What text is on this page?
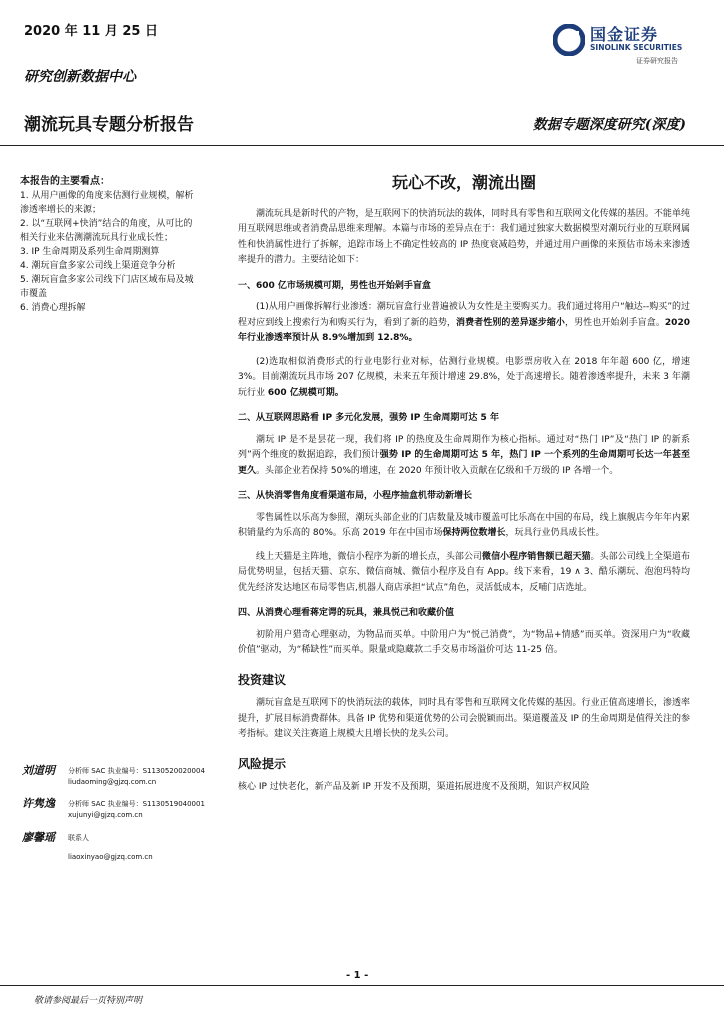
2020 年 11 月 25 日	国金证券
SINOLINK SECURITIES
证券研究报告
研究创新数据中心
潮流玩具专题分析报告	数据专题深度研究(深度)
本报告的主要看点：
1. 从用户画像的角度来估测行业规模，解析渗透率增长的来源；
2. 以“互联网+快消”结合的角度，从可比的相关行业来估测潮流玩具行业成长性；
3. IP 生命周期及系列生命周期测算
4. 潮玩盲盒多家公司线上渠道竞争分析
5. 潮玩盲盒多家公司线下门店区域布局及城市覆盖
6. 消费心理拆解
刘道明 分析师 SAC 执业编号：S1130520020004
liudaoming@gjzq.com.cn
许隽逸 分析师 SAC 执业编号：S1130519040001
xujunyi@gjzq.com.cn
廖馨瑶 联系人
liaoxinyao@gjzq.com.cn
玩心不改，潮流出圈

潮流玩具是新时代的产物，是互联网下的快消玩法的载体，同时具有零售和互联网文化传媒的基因。不能单纯用互联网思维或者消费品思维来理解。本篇与市场的差异点在于：我们通过独家大数据模型对潮玩行业的互联网属性和快消属性进行了拆解，追踪市场上不确定性较高的 IP 热度衰减趋势，并通过用户画像的来预估市场未来渗透率提升的潜力。主要结论如下：

一、600 亿市场规模可期，男性也开始剁手盲盒

(1)从用户画像拆解行业渗透：潮玩盲盒行业普遍被认为女性是主要购买力。我们通过将用户“触达--购买”的过程对应到线上搜索行为和购买行为，看到了新的趋势，消费者性别的差异逐步缩小，男性也开始剁手盲盒。2020 年行业渗透率预计从 8.9%增加到 12.8%。

(2)选取相似消费形式的行业电影行业对标，估测行业规模。电影票房收入在 2018 年年超 600 亿，增速 3%。目前潮流玩具市场 207 亿规模，未来五年预计增速 29.8%，处于高速增长。随着渗透率提升，未来 3 年潮玩行业 600 亿规模可期。

二、从互联网思路看 IP 多元化发展，强势 IP 生命周期可达 5 年

潮玩 IP 是不是昙花一现，我们将 IP 的热度及生命周期作为核心指标。通过对“热门 IP”及“热门 IP 的新系列”两个维度的数据追踪，我们预计强势 IP 的生命周期可达 5 年，热门 IP 一个系列的生命周期可长达一年甚至更久。头部企业若保持 50%的增速，在 2020 年预计收入贡献在亿级和千万级的 IP 各增一个。

三、从快消零售角度看渠道布局，小程序抽盒机带动新增长

零售属性以乐高为参照，潮玩头部企业的门店数量及城市覆盖可比乐高在中国的布局，线上旗舰店今年年内累积销量约为乐高的 80%。乐高 2019 年在中国市场保持两位数增长，玩具行业仍具成长性。

线上天猫是主阵地，微信小程序为新的增长点，头部公司微信小程序销售额已超天猫。头部公司线上全渠道布局优势明显，包括天猫、京东、微信商城、微信小程序及自有 App。线下来看，19 ∧ 3、酷乐潮玩、泡泡玛特均优先经济发达地区布局零售店,机器人商店承担“试点”角色，灵活低成本，反哺门店选址。

四、从消费心理看蒋定谔的玩具，兼具悦己和收藏价值

初阶用户猎奇心理驱动，为物品而买单。中阶用户为“悦己消费”，为“物品+情感”而买单。资深用户为“收藏价值”驱动，为“稀缺性”而买单。限量或隐藏款二手交易市场溢价可达 11-25 倍。

投资建议

潮玩盲盒是互联网下的快消玩法的载体，同时具有零售和互联网文化传媒的基因。行业正值高速增长，渗透率提升，扩展目标消费群体。具备 IP 优势和渠道优势的公司会脱颖而出。渠道覆盖及 IP 的生命周期是值得关注的参考指标。建议关注赛道上规模大且增长快的龙头公司。

风险提示

核心 IP 过快老化，新产品及新 IP 开发不及预期，渠道拓展进度不及预期，知识产权风险

- 1 -
敬请参阅最后一页特别声明
